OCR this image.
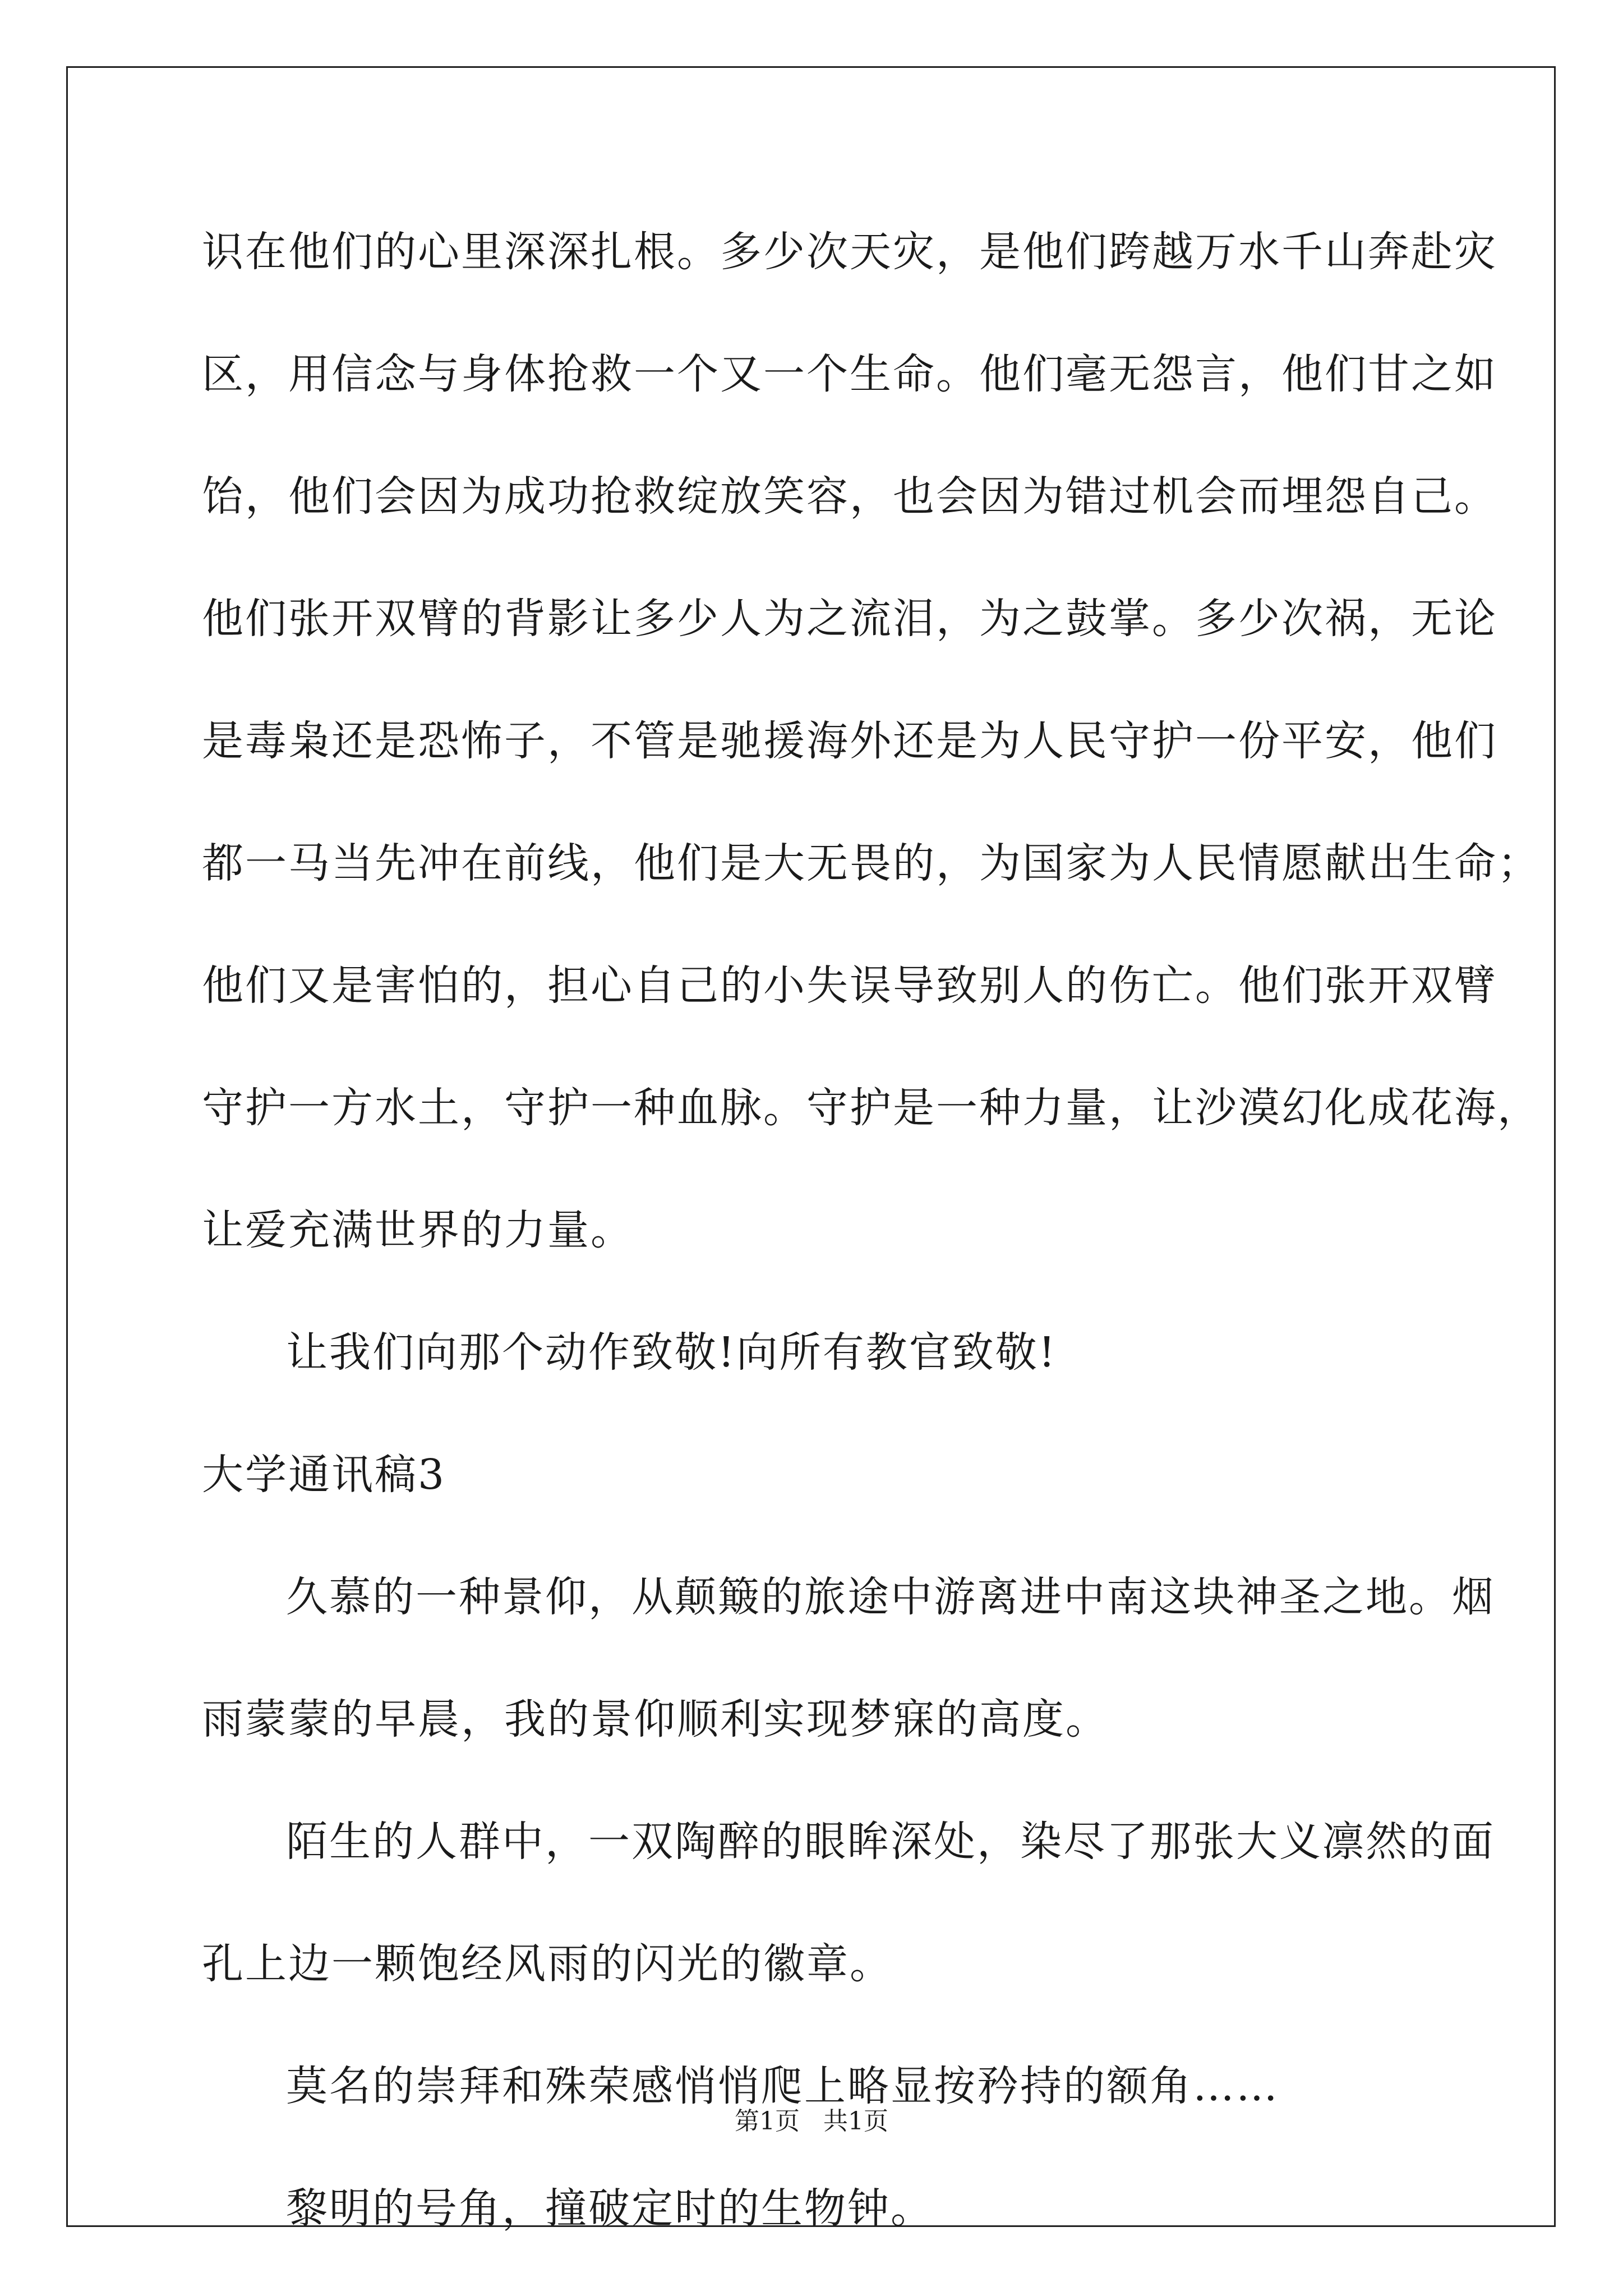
识在他们的心里深深扎根。多少次天灾，是他们跨越万水千山奔赴灾
区，用信念与身体抢救一个又一个生命。他们毫无怨言，他们甘之如
饴，他们会因为成功抢救绽放笑容，也会因为错过机会而埋怨自己。
他们张开双臂的背影让多少人为之流泪，为之鼓掌。多少次祸，无论
是毒枭还是恐怖子，不管是驰援海外还是为人民守护一份平安，他们
都一马当先冲在前线，他们是大无畏的，为国家为人民情愿献出生命；
他们又是害怕的，担心自己的小失误导致别人的伤亡。他们张开双臂
守护一方水土，守护一种血脉。守护是一种力量，让沙漠幻化成花海，
让爱充满世界的力量。
让我们向那个动作致敬!向所有教官致敬!
大学通讯稿3
久慕的一种景仰，从颠簸的旅途中游离进中南这块神圣之地。烟
雨蒙蒙的早晨，我的景仰顺利实现梦寐的高度。
陌生的人群中，一双陶醉的眼眸深处，染尽了那张大义凛然的面
孔上边一颗饱经风雨的闪光的徽章。
莫名的崇拜和殊荣感悄悄爬上略显按矜持的额角……
黎明的号角，撞破定时的生物钟。
第1页   共1页
